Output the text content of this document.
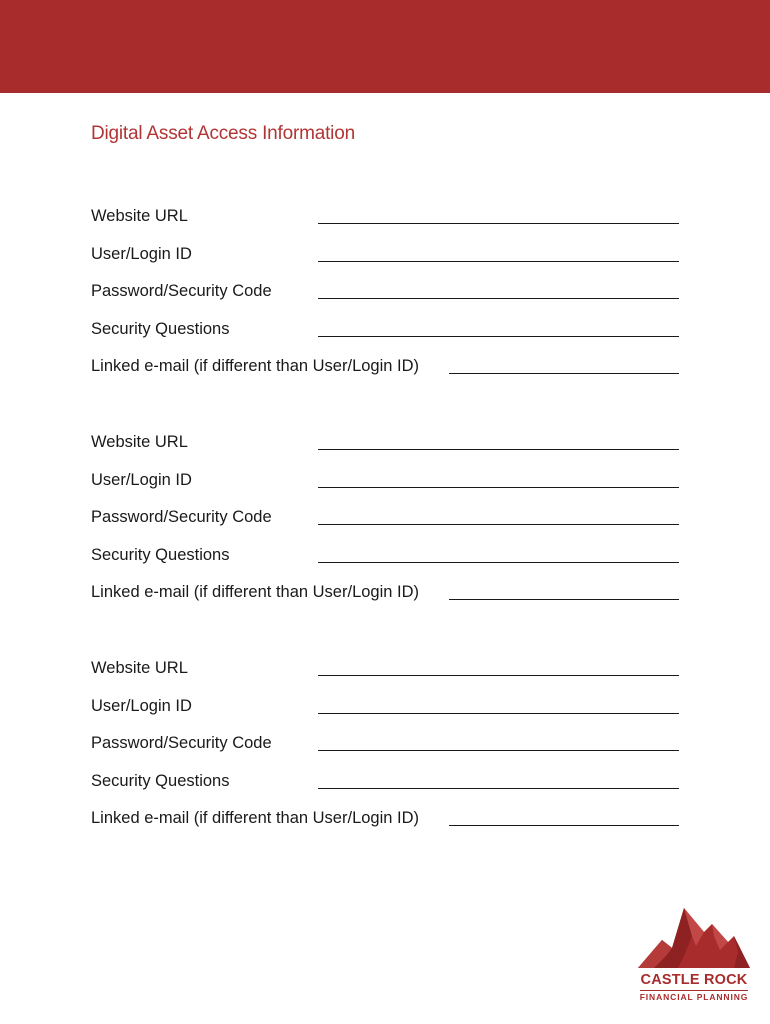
Digital Asset Access Information
Website URL
User/Login ID
Password/Security Code
Security Questions
Linked e-mail (if different than User/Login ID)
Website URL
User/Login ID
Password/Security Code
Security Questions
Linked e-mail (if different than User/Login ID)
Website URL
User/Login ID
Password/Security Code
Security Questions
Linked e-mail (if different than User/Login ID)
CASTLE ROCK
FINANCIAL PLANNING
